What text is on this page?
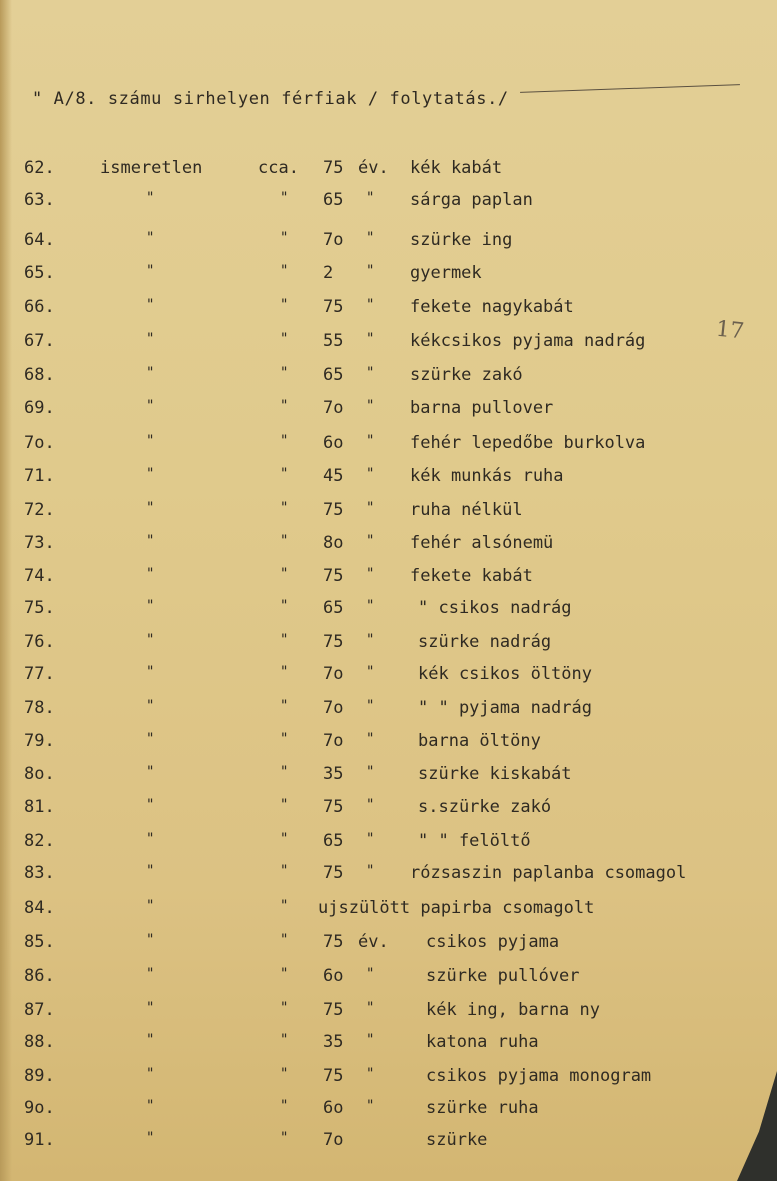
" A/8. számu sirhelyen férfiak / folytatás./
17
62.	ismeretlen	cca. 75 év. kék kabát
63.	"	" 65 " sárga paplan
64.	"	" 7o " szürke ing
65.	"	" 2 " gyermek
66.	"	" 75 " fekete nagykabát
67.	"	" 55 " kékcsikos pyjama nadrág
68.	"	" 65 " szürke zakó
69.	"	" 7o " barna pullover
7o.	"	" 6o " fehér lepedőbe burkolva
71.	"	" 45 " kék munkás ruha
72.	"	" 75 " ruha nélkül
73.	"	" 8o " fehér alsónemü
74.	"	" 75 " fekete kabát
75.	"	" 65 "	" csikos nadrág
76.	"	" 75 "	szürke nadrág
77.	"	" 7o "	kék csikos öltöny
78.	"	" 7o "	" " pyjama nadrág
79.	"	" 7o "	barna öltöny
8o.	"	" 35 "	szürke kiskabát
81.	"	" 75 "	s.szürke zakó
82.	"	" 65 "	" " felöltő
83.	"	" 75 " rózsaszin paplanba csomagol
84.	"	" ujszülött papirba csomagolt
85.	"	" 75 év. csikos pyjama
86.	"	" 6o "	szürke pullóver
87.	"	" 75 "	kék ing, barna ny
88.	"	" 35 "	katona ruha
89.	"	" 75 "	csikos pyjama monogram
9o.	"	" 6o "	szürke ruha
91.	"	" 7o	szürke
